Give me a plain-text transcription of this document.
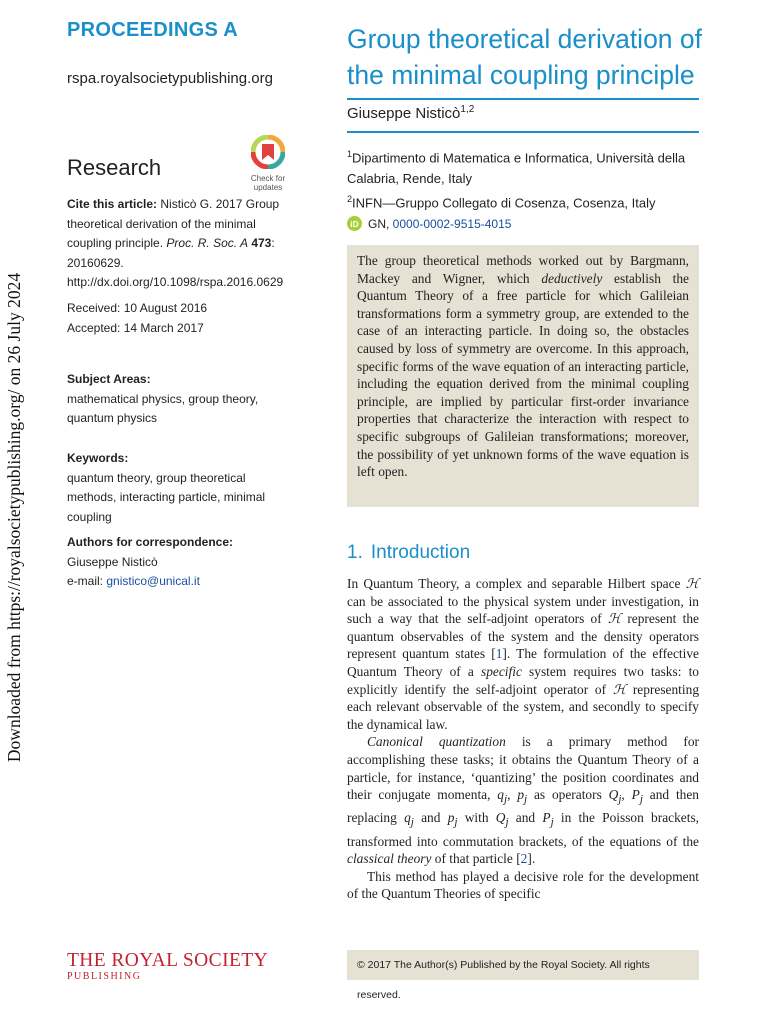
Downloaded from https://royalsocietypublishing.org/ on 26 July 2024
PROCEEDINGS A
rspa.royalsocietypublishing.org
Research	Check for
updates
Cite this article: Nisticò G. 2017 Group theoretical derivation of the minimal coupling principle. Proc. R. Soc. A 473: 20160629. http://dx.doi.org/10.1098/rspa.2016.0629
Received: 10 August 2016
Accepted: 14 March 2017
Subject Areas:
mathematical physics, group theory, quantum physics
Keywords:
quantum theory, group theoretical methods, interacting particle, minimal coupling
Authors for correspondence:
Giuseppe Nisticò
e-mail: gnistico@unical.it
Group theoretical derivation of the minimal coupling principle
Giuseppe Nisticò$^{1,2}$
$^1$Dipartimento di Matematica e Informatica, Università della Calabria, Rende, Italy
$^2$INFN—Gruppo Collegato di Cosenza, Cosenza, Italy
iD GN, 0000-0002-9515-4015
The group theoretical methods worked out by Bargmann, Mackey and Wigner, which deductively establish the Quantum Theory of a free particle for which Galileian transformations form a symmetry group, are extended to the case of an interacting particle. In doing so, the obstacles caused by loss of symmetry are overcome. In this approach, specific forms of the wave equation of an interacting particle, including the equation derived from the minimal coupling principle, are implied by particular first-order invariance properties that characterize the interaction with respect to specific subgroups of Galileian transformations; moreover, the possibility of yet unknown forms of the wave equation is left open.
1. Introduction

In Quantum Theory, a complex and separable Hilbert space ℋ can be associated to the physical system under investigation, in such a way that the self-adjoint operators of ℋ represent the quantum observables of the system and the density operators represent quantum states [1]. The formulation of the effective Quantum Theory of a specific system requires two tasks: to explicitly identify the self-adjoint operator of ℋ representing each relevant observable of the system, and secondly to specify the dynamical law.

Canonical quantization is a primary method for accomplishing these tasks; it obtains the Quantum Theory of a particle, for instance, ‘quantizing’ the position coordinates and their conjugate momenta, $q_j$, $p_j$ as operators $Q_j$, $P_j$ and then replacing $q_j$ and $p_j$ with $Q_j$ and $P_j$ in the Poisson brackets, transformed into commutation brackets, of the equations of the classical theory of that particle [2].

This method has played a decisive role for the development of the Quantum Theories of specific

THE ROYAL SOCIETY
PUBLISHING
© 2017 The Author(s) Published by the Royal Society. All rights reserved.
